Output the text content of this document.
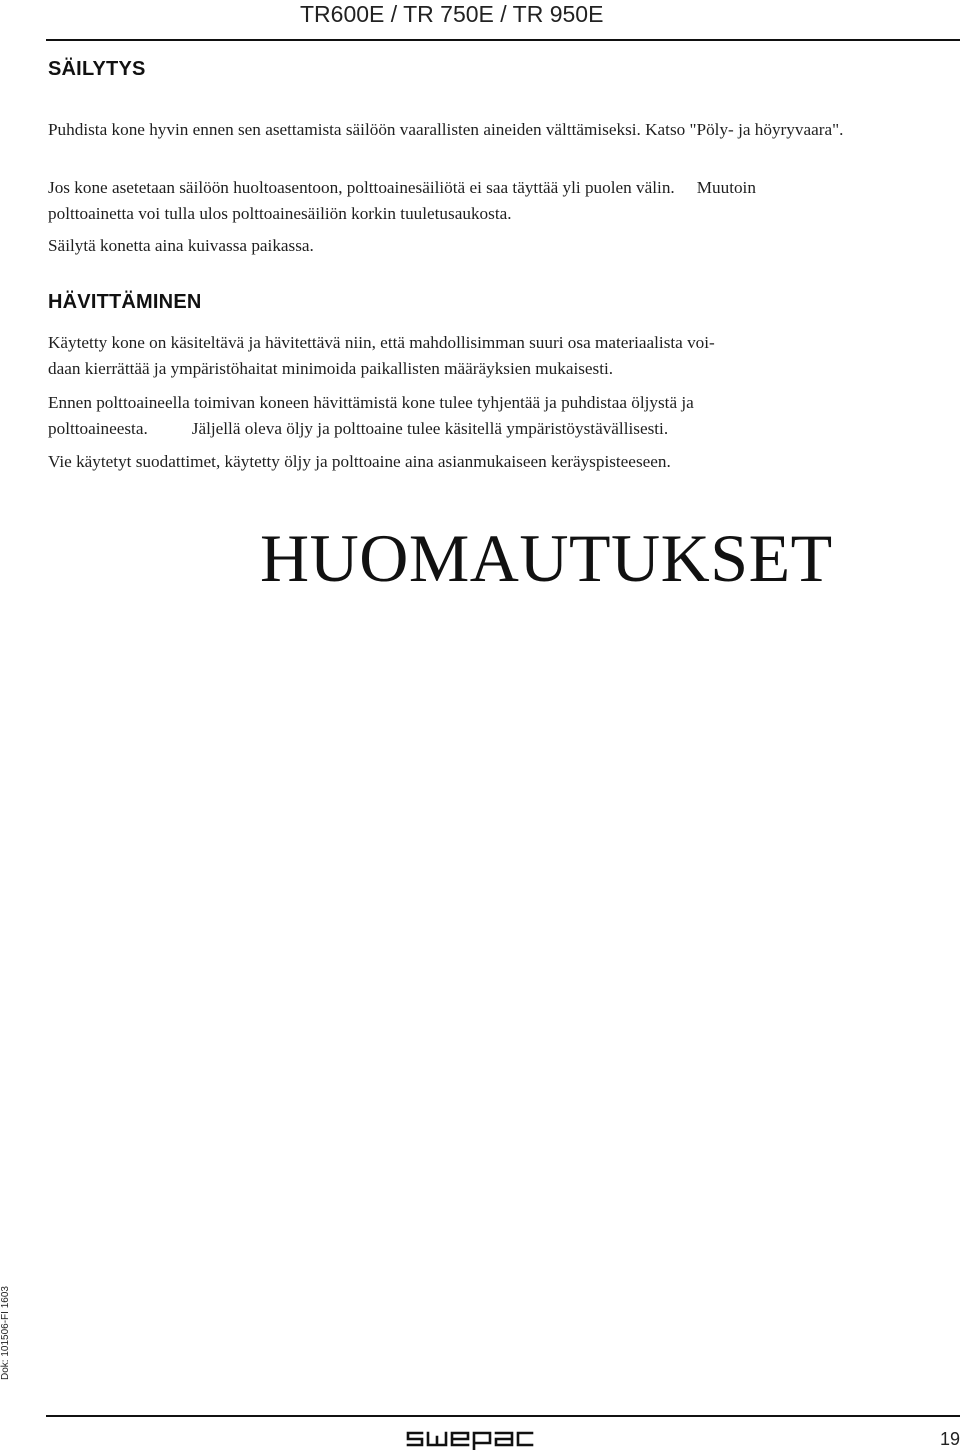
TR600E / TR 750E / TR 950E
SÄILYTYS

Puhdista kone hyvin ennen sen asettamista säilöön vaarallisten aineiden välttämiseksi. Katso "Pöly- ja höyryvaara".

Jos kone asetetaan säilöön huoltoasentoon, polttoainesäiliötä ei saa täyttää yli puolen välin. Muutoin
polttoainetta voi tulla ulos polttoainesäiliön korkin tuuletusaukosta.

Säilytä konetta aina kuivassa paikassa.

HÄVITTÄMINEN

Käytetty kone on käsiteltävä ja hävitettävä niin, että mahdollisimman suuri osa materiaalista voi-
daan kierrättää ja ympäristöhaitat minimoida paikallisten määräyksien mukaisesti.

Ennen polttoaineella toimivan koneen hävittämistä kone tulee tyhjentää ja puhdistaa öljystä ja
polttoaineesta.	Jäljellä oleva öljy ja polttoaine tulee käsitellä ympäristöystävällisesti.

Vie käytetyt suodattimet, käytetty öljy ja polttoaine aina asianmukaiseen keräyspisteeseen.

HUOMAUTUKSET
Dok: 101506-FI 1603
19
